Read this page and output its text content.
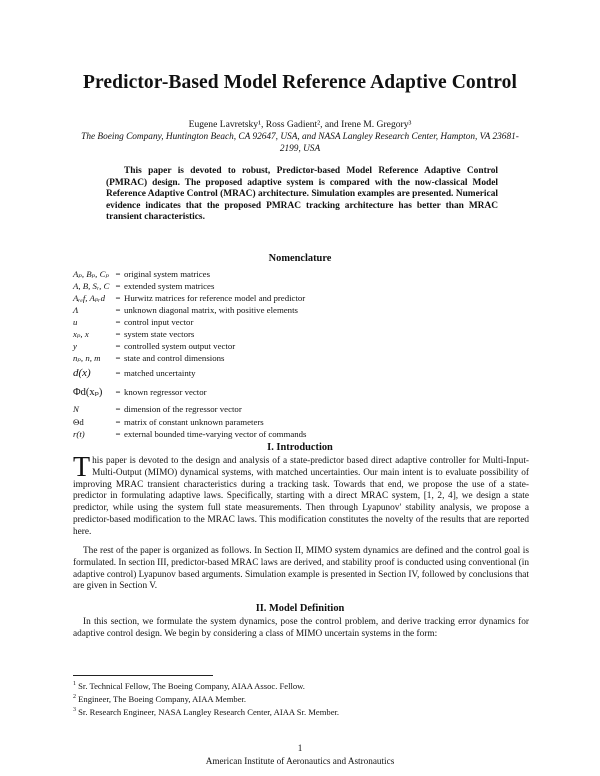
Predictor-Based Model Reference Adaptive Control
Eugene Lavretsky¹, Ross Gadient², and Irene M. Gregory³
The Boeing Company, Huntington Beach, CA 92647, USA, and NASA Langley Research Center, Hampton, VA 23681-2199, USA
This paper is devoted to robust, Predictor-based Model Reference Adaptive Control (PMRAC) design. The proposed adaptive system is compared with the now-classical Model Reference Adaptive Control (MRAC) architecture. Simulation examples are presented. Numerical evidence indicates that the proposed PMRAC tracking architecture has better than MRAC transient characteristics.
Nomenclature
Aₚ, Bₚ, Cₚ = original system matrices
A, B, Sᵣ, C = extended system matrices
Aᵣₑf, Aₚᵣd	= Hurwitz matrices for reference model and predictor
Λ	= unknown diagonal matrix, with positive elements
u	= control input vector
xₚ, x	= system state vectors
y	= controlled system output vector
nₚ, n, m	= state and control dimensions
d(x)	= matched uncertainty
Φd(xₚ)	= known regressor vector
N	= dimension of the regressor vector
Θd	= matrix of constant unknown parameters
r(t)	= external bounded time-varying vector of commands
I. Introduction

This paper is devoted to the design and analysis of a state-predictor based direct adaptive controller for Multi-Input-Multi-Output (MIMO) dynamical systems, with matched uncertainties. Our main intent is to evaluate possibility of improving MRAC transient characteristics during a tracking task. Towards that end, we propose the use of a state-predictor in formulating adaptive laws. Specifically, starting with a direct MRAC system, [1, 2, 4], we design a state predictor, while using the system full state measurements. Then through Lyapunov' stability analysis, we propose a predictor-based modification to the MRAC laws. This modification constitutes the novelty of the results that are reported here.

The rest of the paper is organized as follows. In Section II, MIMO system dynamics are defined and the control goal is formulated. In section III, predictor-based MRAC laws are derived, and stability proof is conducted using conventional (in adaptive control) Lyapunov based arguments. Simulation example is presented in Section IV, followed by conclusions that are given in Section V.

II. Model Definition

In this section, we formulate the system dynamics, pose the control problem, and derive tracking error dynamics for adaptive control design. We begin by considering a class of MIMO uncertain systems in the form:

$^1$ Sr. Technical Fellow, The Boeing Company, AIAA Assoc. Fellow.
$^2$ Engineer, The Boeing Company, AIAA Member.
$^3$ Sr. Research Engineer, NASA Langley Research Center, AIAA Sr. Member.
1
American Institute of Aeronautics and Astronautics
